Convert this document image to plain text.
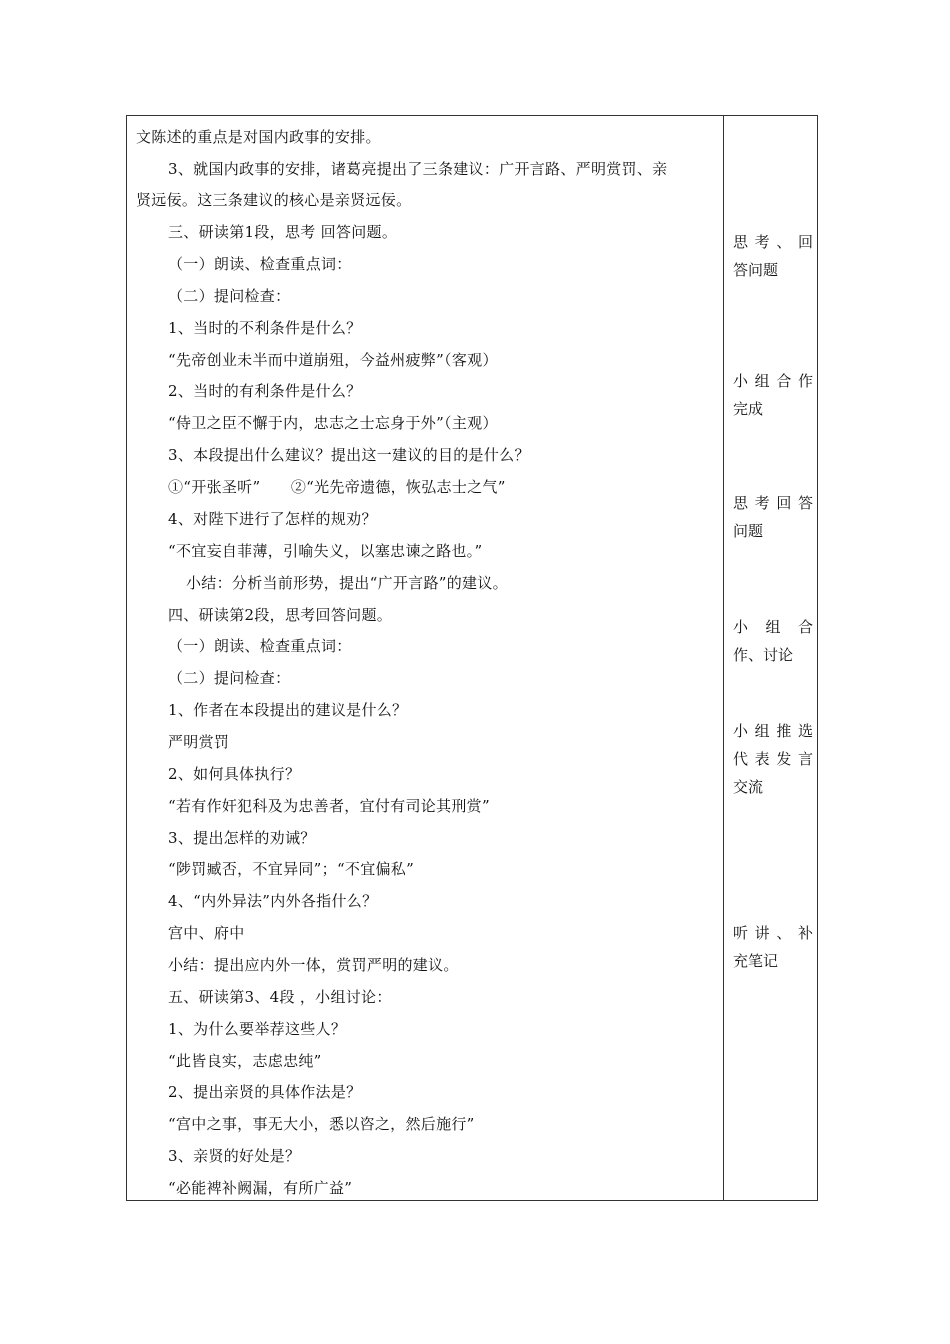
文陈述的重点是对国内政事的安排。
3、就国内政事的安排，诸葛亮提出了三条建议：广开言路、严明赏罚、亲
贤远佞。这三条建议的核心是亲贤远佞。
三、研读第1段，思考 回答问题。
（一）朗读、检查重点词：
（二）提问检查：
1、当时的不利条件是什么？
“先帝创业未半而中道崩殂，今益州疲弊”（客观）
2、当时的有利条件是什么？
“侍卫之臣不懈于内，忠志之士忘身于外”（主观）
3、本段提出什么建议？提出这一建议的目的是什么？
①“开张圣听”      ②“光先帝遗德，恢弘志士之气”
4、对陛下进行了怎样的规劝？
“不宜妄自菲薄，引喻失义，以塞忠谏之路也。”
小结：分析当前形势，提出“广开言路”的建议。
四、研读第2段，思考回答问题。
（一）朗读、检查重点词：
（二）提问检查：
1、作者在本段提出的建议是什么？
严明赏罚
2、如何具体执行？
“若有作奸犯科及为忠善者，宜付有司论其刑赏”
3、提出怎样的劝诫？
“陟罚臧否，不宜异同”；“不宜偏私”
4、“内外异法”内外各指什么？
宫中、府中
小结：提出应内外一体，赏罚严明的建议。
五、研读第3、4段 ，小组讨论：
1、为什么要举荐这些人？
“此皆良实，志虑忠纯”
2、提出亲贤的具体作法是？
“宫中之事，事无大小，悉以咨之，然后施行”
3、亲贤的好处是？
“必能裨补阙漏，有所广益”
思考、回
答问题
小组合作
完成
思考回答
问题
小　组　合
作、讨论
小组推选
代表发言
交流
听讲、补
充笔记
